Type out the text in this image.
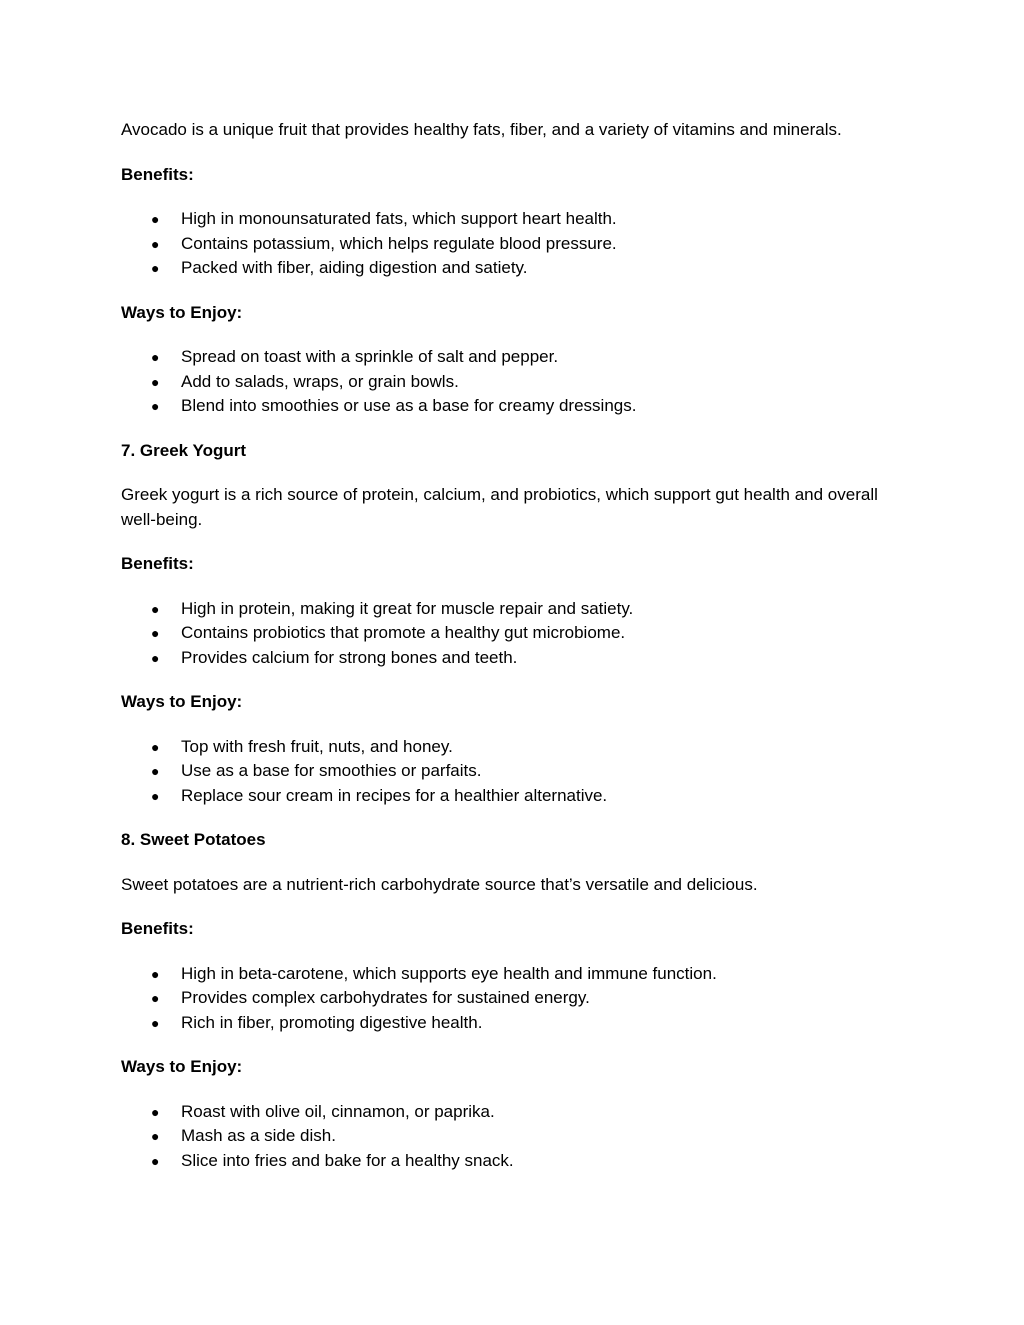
Avocado is a unique fruit that provides healthy fats, fiber, and a variety of vitamins and minerals.

Benefits:

● High in monounsaturated fats, which support heart health.
● Contains potassium, which helps regulate blood pressure.
● Packed with fiber, aiding digestion and satiety.

Ways to Enjoy:

● Spread on toast with a sprinkle of salt and pepper.
● Add to salads, wraps, or grain bowls.
● Blend into smoothies or use as a base for creamy dressings.

7. Greek Yogurt

Greek yogurt is a rich source of protein, calcium, and probiotics, which support gut health and overall well-being.

Benefits:

● High in protein, making it great for muscle repair and satiety.
● Contains probiotics that promote a healthy gut microbiome.
● Provides calcium for strong bones and teeth.

Ways to Enjoy:

● Top with fresh fruit, nuts, and honey.
● Use as a base for smoothies or parfaits.
● Replace sour cream in recipes for a healthier alternative.

8. Sweet Potatoes

Sweet potatoes are a nutrient-rich carbohydrate source that’s versatile and delicious.

Benefits:

● High in beta-carotene, which supports eye health and immune function.
● Provides complex carbohydrates for sustained energy.
● Rich in fiber, promoting digestive health.

Ways to Enjoy:

● Roast with olive oil, cinnamon, or paprika.
● Mash as a side dish.
● Slice into fries and bake for a healthy snack.
